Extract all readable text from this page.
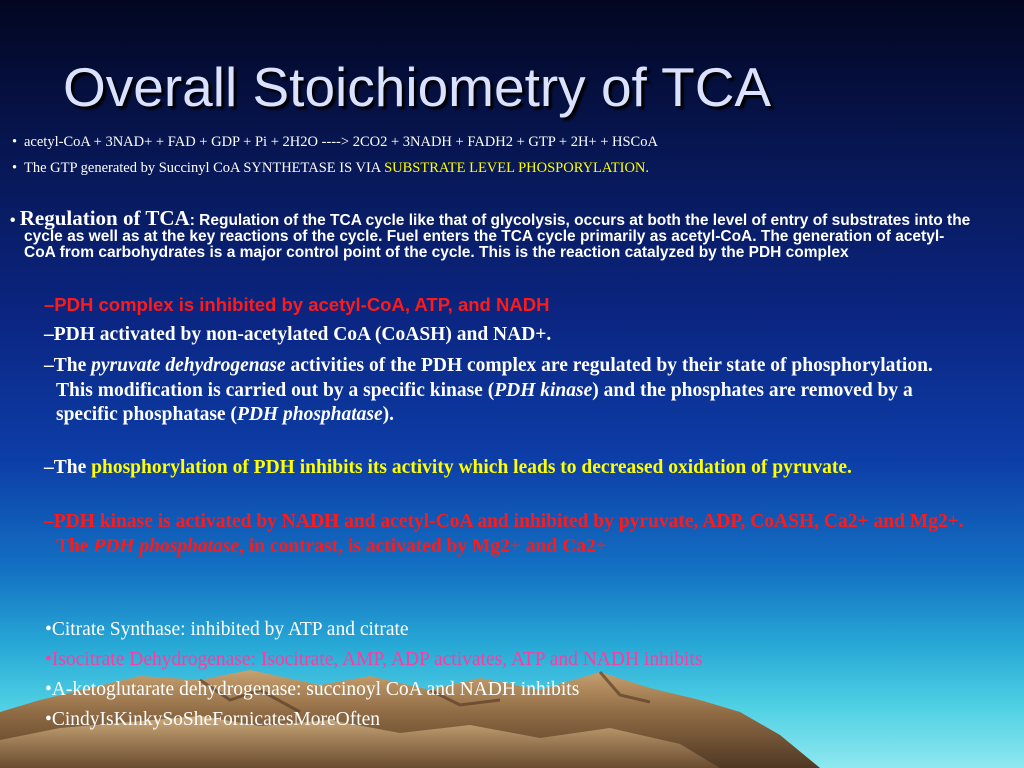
Overall Stoichiometry of TCA
• acetyl-CoA + 3NAD+ + FAD + GDP + Pi + 2H2O ----> 2CO2 + 3NADH + FADH2 + GTP + 2H+ + HSCoA
• The GTP generated by Succinyl CoA SYNTHETASE IS VIA SUBSTRATE LEVEL PHOSPORYLATION.
• Regulation of TCA: Regulation of the TCA cycle like that of glycolysis, occurs at both the level of entry of substrates into the cycle as well as at the key reactions of the cycle. Fuel enters the TCA cycle primarily as acetyl-CoA. The generation of acetyl-CoA from carbohydrates is a major control point of the cycle. This is the reaction catalyzed by the PDH complex
–PDH complex is inhibited by acetyl-CoA, ATP, and NADH
–PDH activated by non-acetylated CoA (CoASH) and NAD+.
–The pyruvate dehydrogenase activities of the PDH complex are regulated by their state of phosphorylation. This modification is carried out by a specific kinase (PDH kinase) and the phosphates are removed by a specific phosphatase (PDH phosphatase).
–The phosphorylation of PDH inhibits its activity which leads to decreased oxidation of pyruvate.
–PDH kinase is activated by NADH and acetyl-CoA and inhibited by pyruvate, ADP, CoASH, Ca2+ and Mg2+. The PDH phosphatase, in contrast, is activated by Mg2+ and Ca2+
•Citrate Synthase: inhibited by ATP and citrate
•Isocitrate Dehydrogenase: Isocitrate, AMP, ADP activates, ATP and NADH inhibits
•A-ketoglutarate dehydrogenase: succinoyl CoA and NADH inhibits
•CindyIsKinkySoSheFornicatesMoreOften
